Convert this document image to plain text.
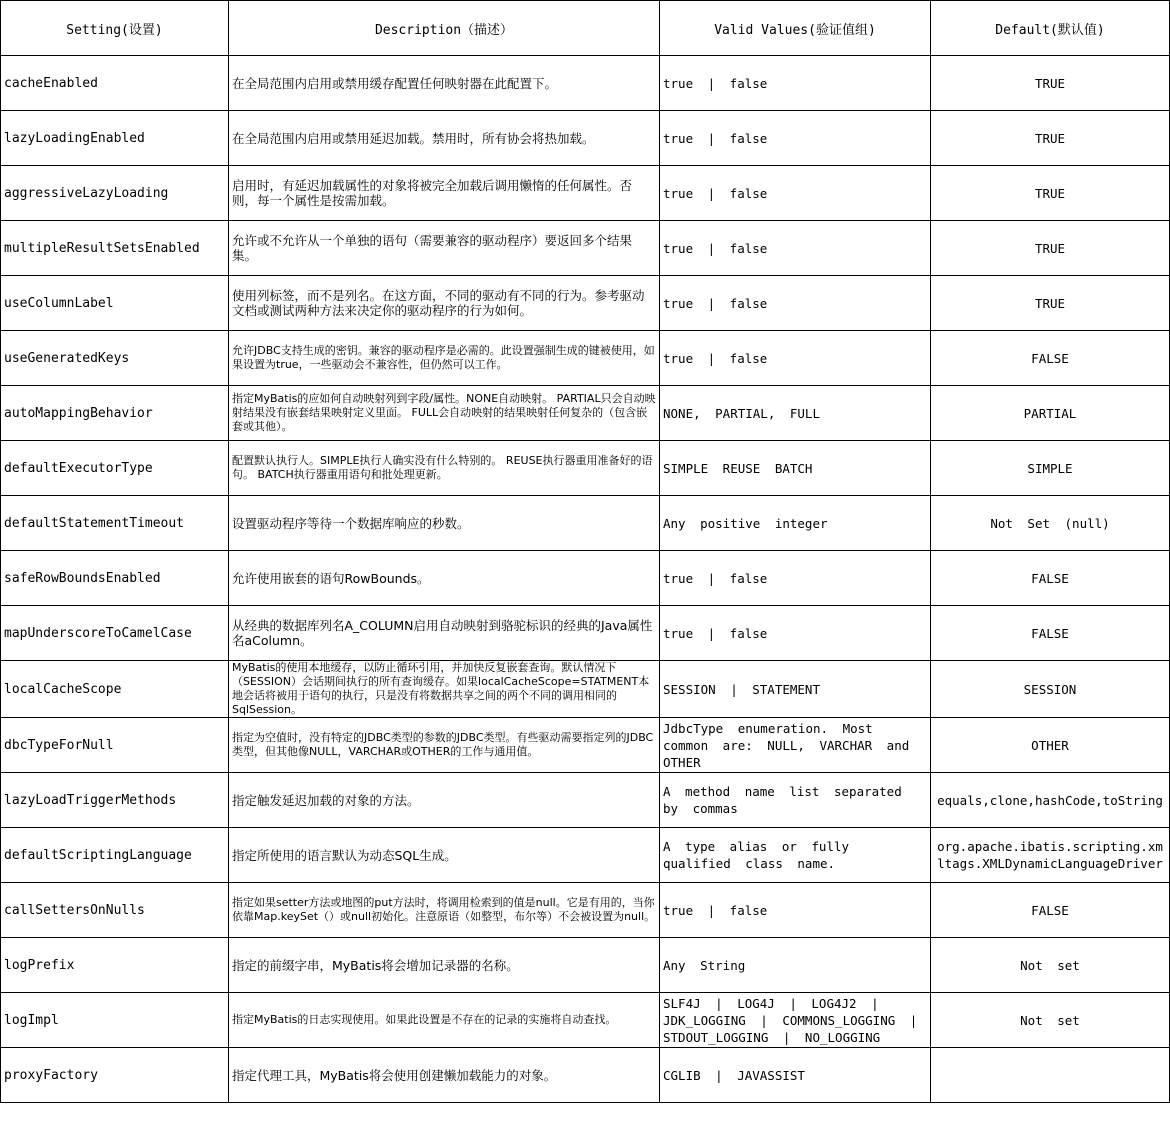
Setting(设置)	Description（描述）	Valid Values(验证值组)	Default(默认值)
cacheEnabled	在全局范围内启用或禁用缓存配置任何映射器在此配置下。	true | false	TRUE
lazyLoadingEnabled	在全局范围内启用或禁用延迟加载。禁用时，所有协会将热加载。	true | false	TRUE
aggressiveLazyLoading	启用时，有延迟加载属性的对象将被完全加载后调用懒惰的任何属性。否则，每一个属性是按需加载。	true | false	TRUE
multipleResultSetsEnabled	允许或不允许从一个单独的语句（需要兼容的驱动程序）要返回多个结果集。	true | false	TRUE
useColumnLabel	使用列标签，而不是列名。在这方面，不同的驱动有不同的行为。参考驱动文档或测试两种方法来决定你的驱动程序的行为如何。	true | false	TRUE
useGeneratedKeys	允许JDBC支持生成的密钥。兼容的驱动程序是必需的。此设置强制生成的键被使用，如果设置为true，一些驱动会不兼容性，但仍然可以工作。	true | false	FALSE
autoMappingBehavior	指定MyBatis的应如何自动映射列到字段/属性。NONE自动映射。 PARTIAL只会自动映射结果没有嵌套结果映射定义里面。 FULL会自动映射的结果映射任何复杂的（包含嵌套或其他）。	NONE, PARTIAL, FULL	PARTIAL
defaultExecutorType	配置默认执行人。SIMPLE执行人确实没有什么特别的。 REUSE执行器重用准备好的语句。 BATCH执行器重用语句和批处理更新。	SIMPLE REUSE BATCH	SIMPLE
defaultStatementTimeout	设置驱动程序等待一个数据库响应的秒数。	Any positive integer	Not Set (null)
safeRowBoundsEnabled	允许使用嵌套的语句RowBounds。	true | false	FALSE
mapUnderscoreToCamelCase	从经典的数据库列名A_COLUMN启用自动映射到骆驼标识的经典的Java属性名aColumn。	true | false	FALSE
localCacheScope	MyBatis的使用本地缓存，以防止循环引用，并加快反复嵌套查询。默认情况下（SESSION）会话期间执行的所有查询缓存。如果localCacheScope=STATMENT本地会话将被用于语句的执行，只是没有将数据共享之间的两个不同的调用相同的SqlSession。	SESSION | STATEMENT	SESSION
dbcTypeForNull	指定为空值时，没有特定的JDBC类型的参数的JDBC类型。有些驱动需要指定列的JDBC类型，但其他像NULL，VARCHAR或OTHER的工作与通用值。	JdbcType enumeration. Most common are: NULL, VARCHAR and OTHER	OTHER
lazyLoadTriggerMethods	指定触发延迟加载的对象的方法。	A method name list separated by commas	equals,clone,hashCode,toString
defaultScriptingLanguage	指定所使用的语言默认为动态SQL生成。	A type alias or fully qualified class name.	org.apache.ibatis.scripting.xmltags.XMLDynamicLanguageDriver
callSettersOnNulls	指定如果setter方法或地图的put方法时，将调用检索到的值是null。它是有用的，当你依靠Map.keySet（）或null初始化。注意原语（如整型，布尔等）不会被设置为null。	true | false	FALSE
logPrefix	指定的前缀字串，MyBatis将会增加记录器的名称。	Any String	Not set
logImpl	指定MyBatis的日志实现使用。如果此设置是不存在的记录的实施将自动查找。	SLF4J | LOG4J | LOG4J2 | JDK_LOGGING | COMMONS_LOGGING | STDOUT_LOGGING | NO_LOGGING	Not set
proxyFactory	指定代理工具，MyBatis将会使用创建懒加载能力的对象。	CGLIB | JAVASSIST	
